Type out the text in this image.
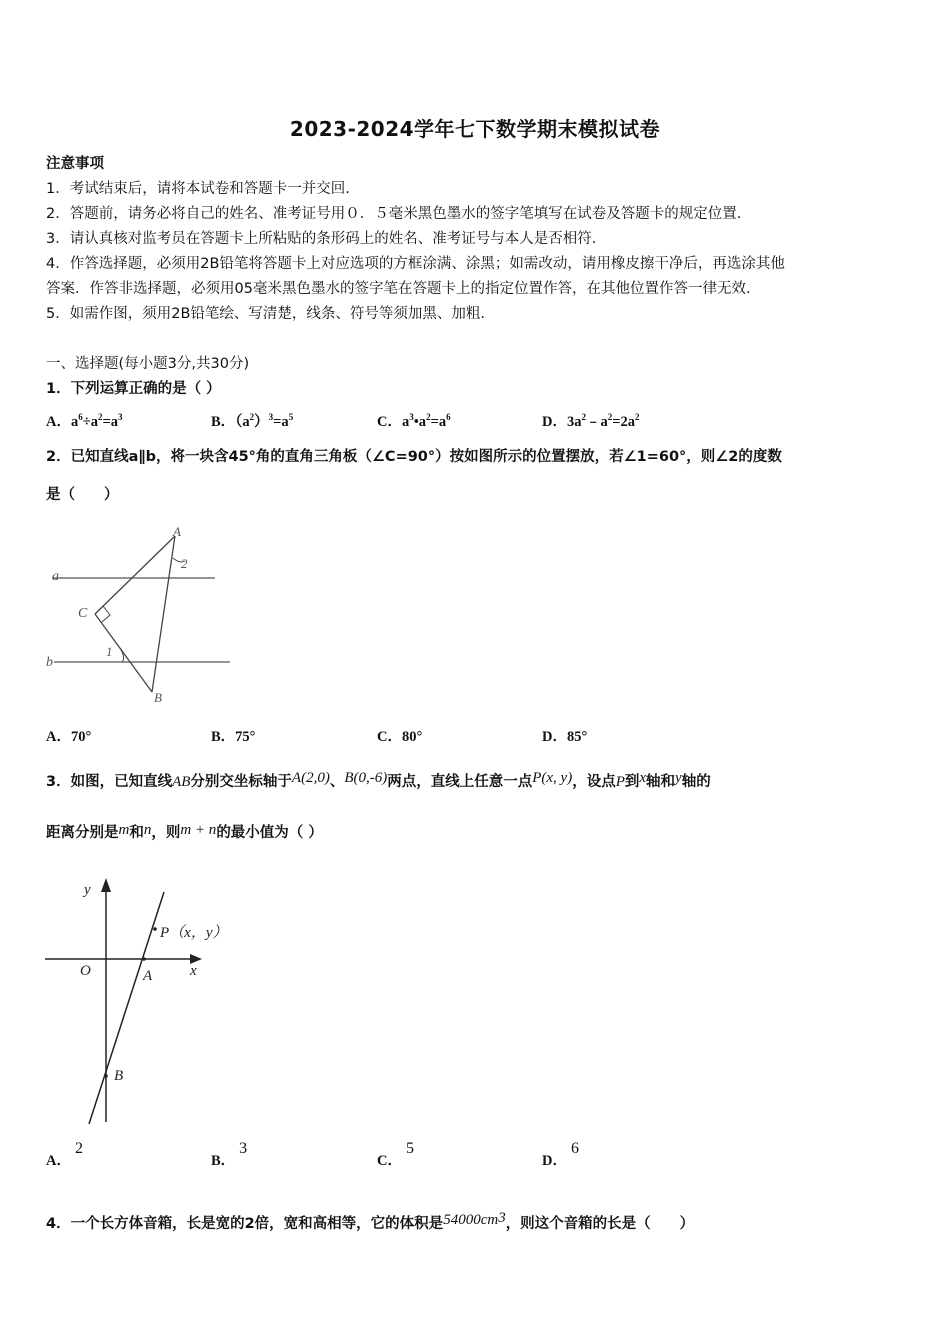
2023-2024学年七下数学期末模拟试卷
注意事项
1．考试结束后，请将本试卷和答题卡一并交回.
2．答题前，请务必将自己的姓名、准考证号用０．５毫米黑色墨水的签字笔填写在试卷及答题卡的规定位置.
3．请认真核对监考员在答题卡上所粘贴的条形码上的姓名、准考证号与本人是否相符.
4．作答选择题，必须用2B铅笔将答题卡上对应选项的方框涂满、涂黑；如需改动，请用橡皮擦干净后，再选涂其他
答案．作答非选择题，必须用05毫米黑色墨水的签字笔在答题卡上的指定位置作答，在其他位置作答一律无效.
5．如需作图，须用2B铅笔绘、写清楚，线条、符号等须加黑、加粗.
一、选择题(每小题3分,共30分)
1．下列运算正确的是（ ）
A．$a^6\div a^2=a^3$	B．$(a^2)^3=a^5$	C．$a^3•a^2=a^6$	D．$3a^2﹣a^2=2a^2$
2．已知直线a∥b，将一块含45°角的直角三角板（∠C=90°）按如图所示的位置摆放，若∠1=60°，则∠2的度数
是（　　）
a
b
A
B
C
1
2
A．70°	B．75°	C．80°	D．85°
3．如图，已知直线AB分别交坐标轴于A(2,0)、B(0,-6)两点，直线上任意一点P(x, y)，设点P到x轴和y轴的
距离分别是m和n，则m + n的最小值为（ ）
y
x
O	A
B
P（x，y）
A．2
B．3
C．5
D．6
4．一个长方体音箱，长是宽的2倍，宽和高相等，它的体积是$54000cm^3$，则这个音箱的长是（　　）
